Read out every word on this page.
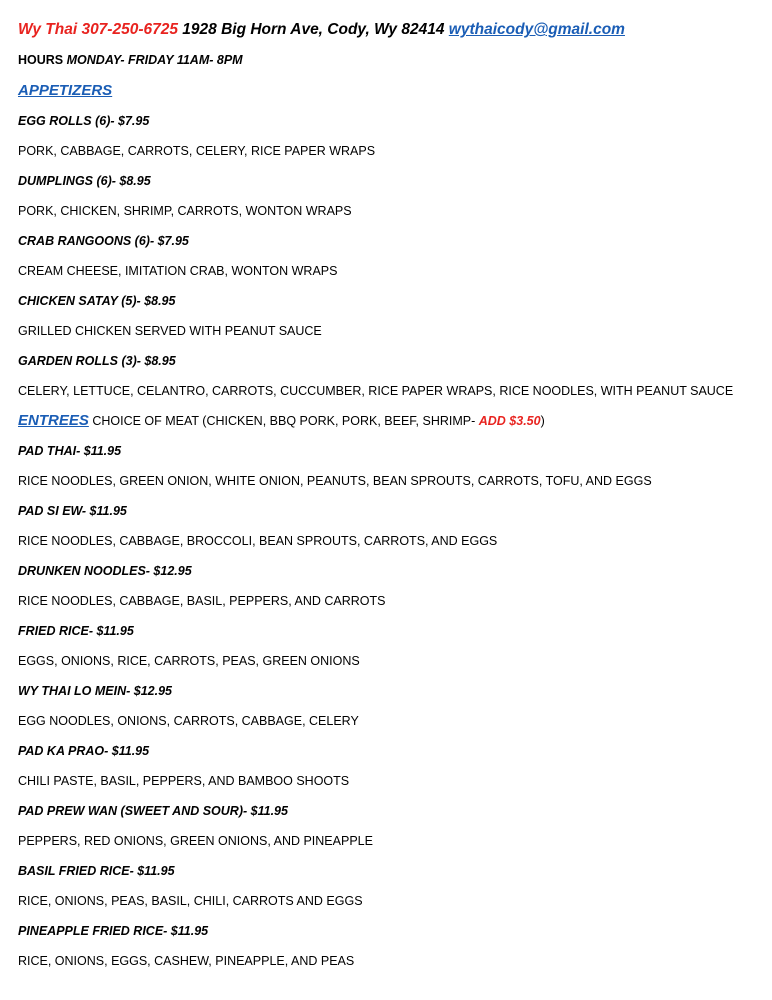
Wy Thai 307-250-6725 1928 Big Horn Ave, Cody, Wy 82414 wythaicody@gmail.com
HOURS MONDAY- FRIDAY 11AM- 8PM
APPETIZERS
EGG ROLLS (6)- $7.95
PORK, CABBAGE, CARROTS, CELERY, RICE PAPER WRAPS
DUMPLINGS (6)- $8.95
PORK, CHICKEN, SHRIMP, CARROTS, WONTON WRAPS
CRAB RANGOONS (6)- $7.95
CREAM CHEESE, IMITATION CRAB, WONTON WRAPS
CHICKEN SATAY (5)- $8.95
GRILLED CHICKEN SERVED WITH PEANUT SAUCE
GARDEN ROLLS (3)- $8.95
CELERY, LETTUCE, CELANTRO, CARROTS, CUCCUMBER, RICE PAPER WRAPS, RICE NOODLES, WITH PEANUT SAUCE
ENTREES CHOICE OF MEAT (CHICKEN, BBQ PORK, PORK, BEEF, SHRIMP- ADD $3.50)
PAD THAI- $11.95
RICE NOODLES, GREEN ONION, WHITE ONION, PEANUTS, BEAN SPROUTS, CARROTS, TOFU, AND EGGS
PAD SI EW- $11.95
RICE NOODLES, CABBAGE, BROCCOLI, BEAN SPROUTS, CARROTS, AND EGGS
DRUNKEN NOODLES- $12.95
RICE NOODLES, CABBAGE, BASIL, PEPPERS, AND CARROTS
FRIED RICE- $11.95
EGGS, ONIONS, RICE, CARROTS, PEAS, GREEN ONIONS
WY THAI LO MEIN- $12.95
EGG NOODLES, ONIONS, CARROTS, CABBAGE, CELERY
PAD KA PRAO- $11.95
CHILI PASTE, BASIL, PEPPERS, AND BAMBOO SHOOTS
PAD PREW WAN (SWEET AND SOUR)- $11.95
PEPPERS, RED ONIONS, GREEN ONIONS, AND PINEAPPLE
BASIL FRIED RICE- $11.95
RICE, ONIONS, PEAS, BASIL, CHILI, CARROTS AND EGGS
PINEAPPLE FRIED RICE- $11.95
RICE, ONIONS, EGGS, CASHEW, PINEAPPLE, AND PEAS
